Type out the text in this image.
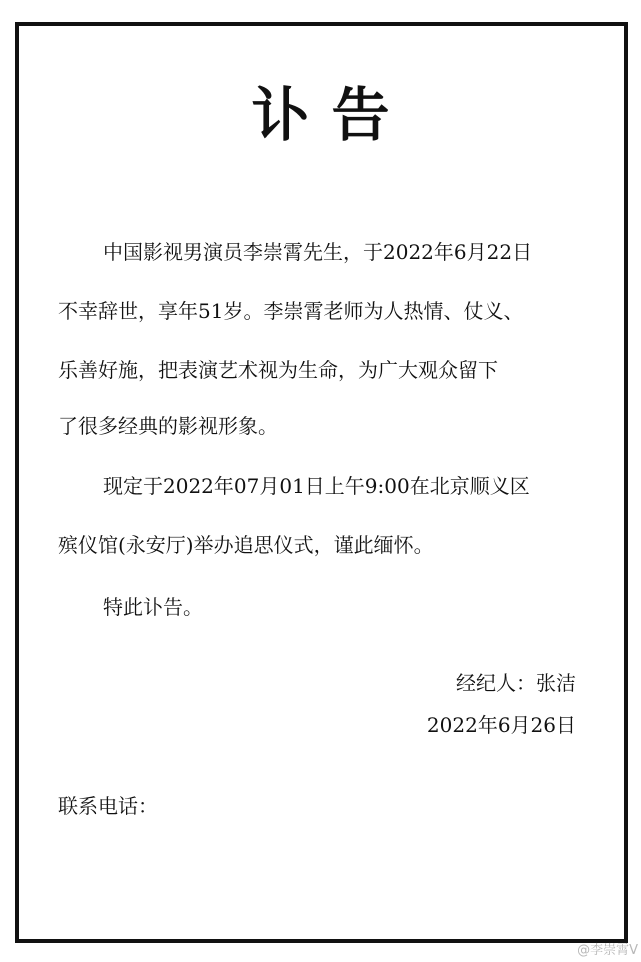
讣告
中国影视男演员李崇霄先生，于2022年6月22日
不幸辞世，享年51岁。李崇霄老师为人热情、仗义、
乐善好施，把表演艺术视为生命，为广大观众留下
了很多经典的影视形象。
现定于2022年07月01日上午9:00在北京顺义区
殡仪馆(永安厅)举办追思仪式，谨此缅怀。
特此讣告。
经纪人：张洁
2022年6月26日
联系电话：
@李崇霄V
